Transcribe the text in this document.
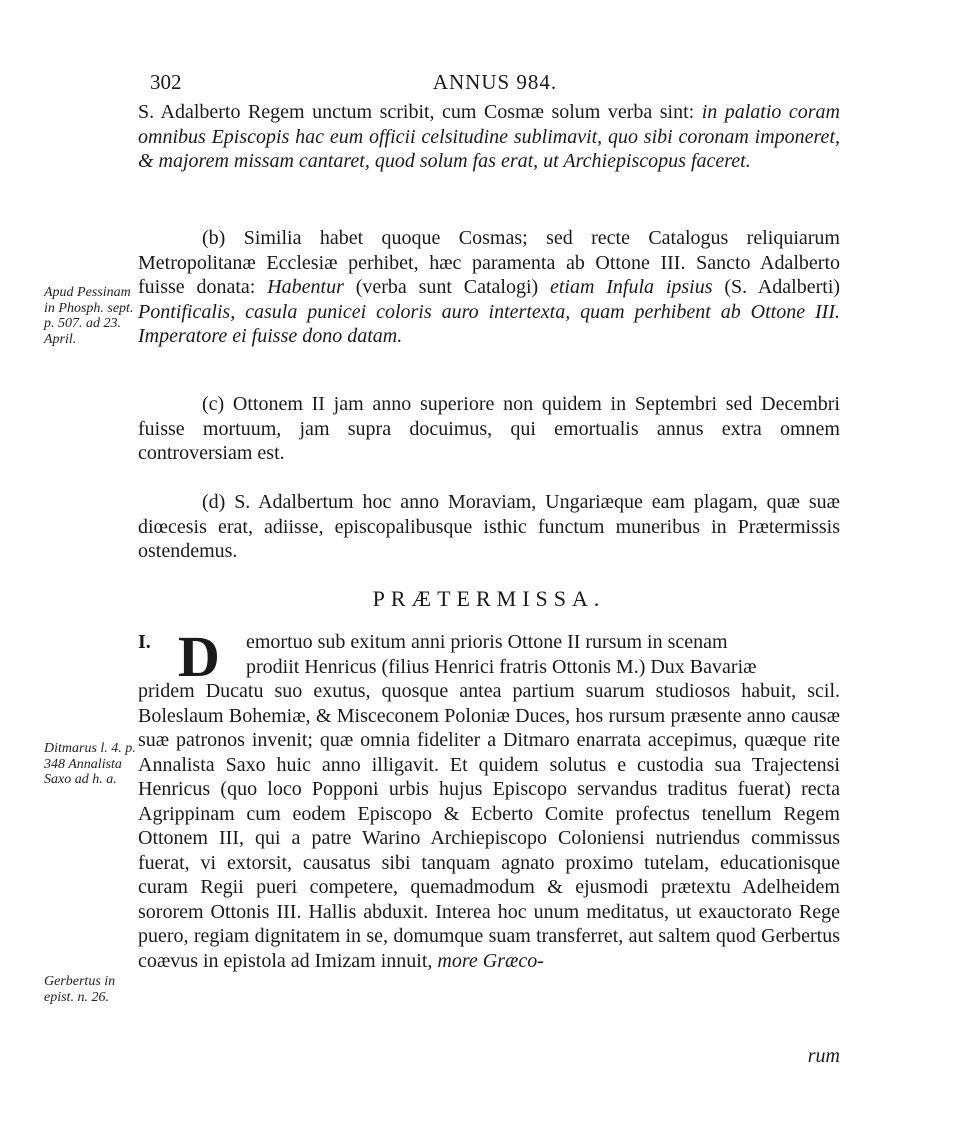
302	ANNUS 984.

S. Adalberto Regem unctum scribit, cum Cosmæ solum verba sint: in palatio coram omnibus Episcopis hac eum officii celsitudine sublimavit, quo sibi coronam imponeret, & majorem missam cantaret, quod solum fas erat, ut Archiepiscopus faceret.

(b) Similia habet quoque Cosmas; sed recte Catalogus reliquiarum Metropolitanæ Ecclesiæ perhibet, hæc paramenta ab Ottone III. Sancto Adalberto fuisse donata: Habentur (verba sunt Catalogi) etiam Infula ipsius (S. Adalberti) Pontificalis, casula punicei coloris auro intertexta, quam perhibent ab Ottone III. Imperatore ei fuisse dono datam.

(c) Ottonem II jam anno superiore non quidem in Septembri sed Decembri fuisse mortuum, jam supra docuimus, qui emortualis annus extra omnem controversiam est.

(d) S. Adalbertum hoc anno Moraviam, Ungariæque eam plagam, quæ suæ diœcesis erat, adiisse, episcopalibusque isthic functum muneribus in Prætermissis ostendemus.

PRÆTERMISSA.
I. D	emortuo sub exitum anni prioris Ottone II rursum in scenam
prodiit Henricus (filius Henrici fratris Ottonis M.) Dux Bavariæ

pridem Ducatu suo exutus, quosque antea partium suarum studiosos habuit, scil. Boleslaum Bohemiæ, & Misceconem Poloniæ Duces, hos rursum præsente anno causæ suæ patronos invenit; quæ omnia fideliter a Ditmaro enarrata accepimus, quæque rite Annalista Saxo huic anno illigavit. Et quidem solutus e custodia sua Trajectensi Henricus (quo loco Popponi urbis hujus Episcopo servandus traditus fuerat) recta Agrippinam cum eodem Episcopo & Ecberto Comite profectus tenellum Regem Ottonem III, qui a patre Warino Archiepiscopo Coloniensi nutriendus commissus fuerat, vi extorsit, causatus sibi tanquam agnato proximo tutelam, educationisque curam Regii pueri competere, quemadmodum & ejusmodi prætextu Adelheidem sororem Ottonis III. Hallis abduxit. Interea hoc unum meditatus, ut exauctorato Rege puero, regiam dignitatem in se, domumque suam transferret, aut saltem quod Gerbertus coævus in epistola ad Imizam innuit, more Græco-

Apud Pessinam in Phosph. sept. p. 507. ad 23. April.
Ditmarus l. 4. p. 348 Annalista Saxo ad h. a.
Gerbertus in epist. n. 26.
rum
